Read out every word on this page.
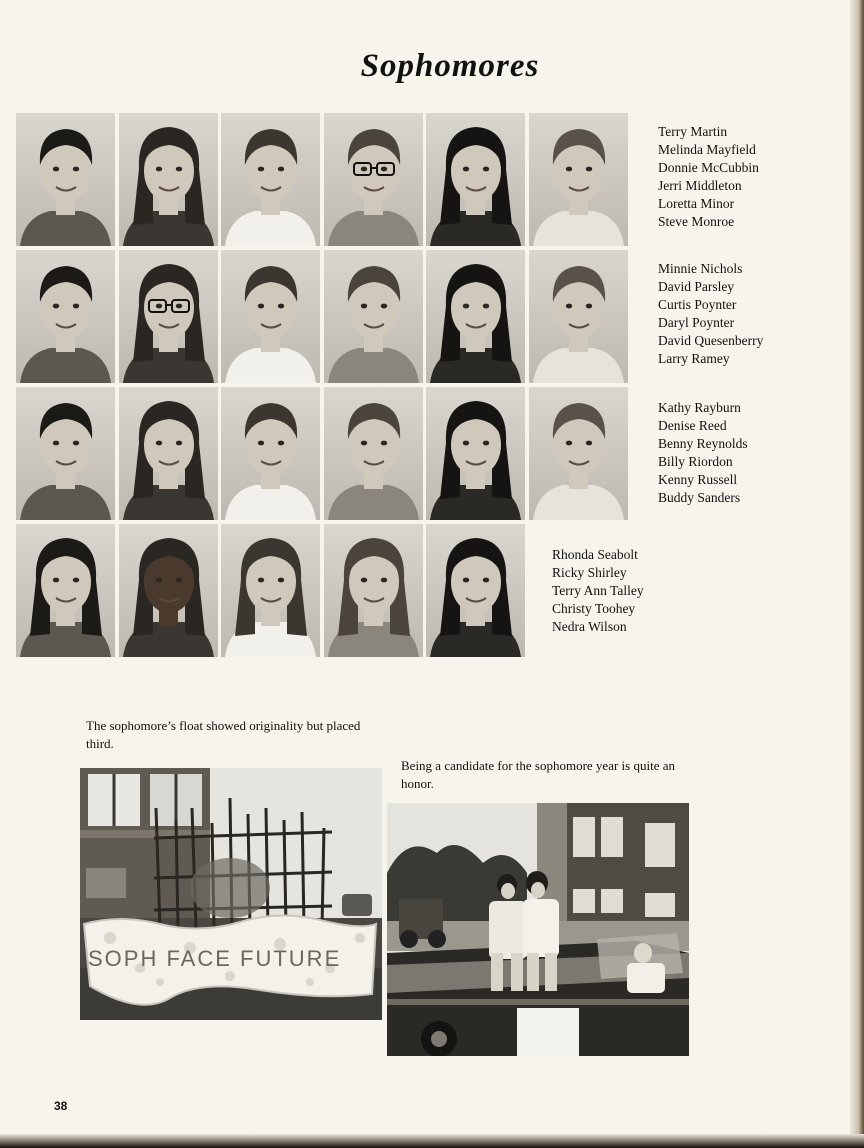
Sophomores
Terry Martin
Melinda Mayfield
Donnie McCubbin
Jerri Middleton
Loretta Minor
Steve Monroe
Minnie Nichols
David Parsley
Curtis Poynter
Daryl Poynter
David Quesenberry
Larry Ramey
Kathy Rayburn
Denise Reed
Benny Reynolds
Billy Riordon
Kenny Russell
Buddy Sanders
Rhonda Seabolt
Ricky Shirley
Terry Ann Talley
Christy Toohey
Nedra Wilson
The sophomore’s float showed originality but placed third.
Being a candidate for the sophomore year is quite an honor.
SOPH FACE FUTURE
38
